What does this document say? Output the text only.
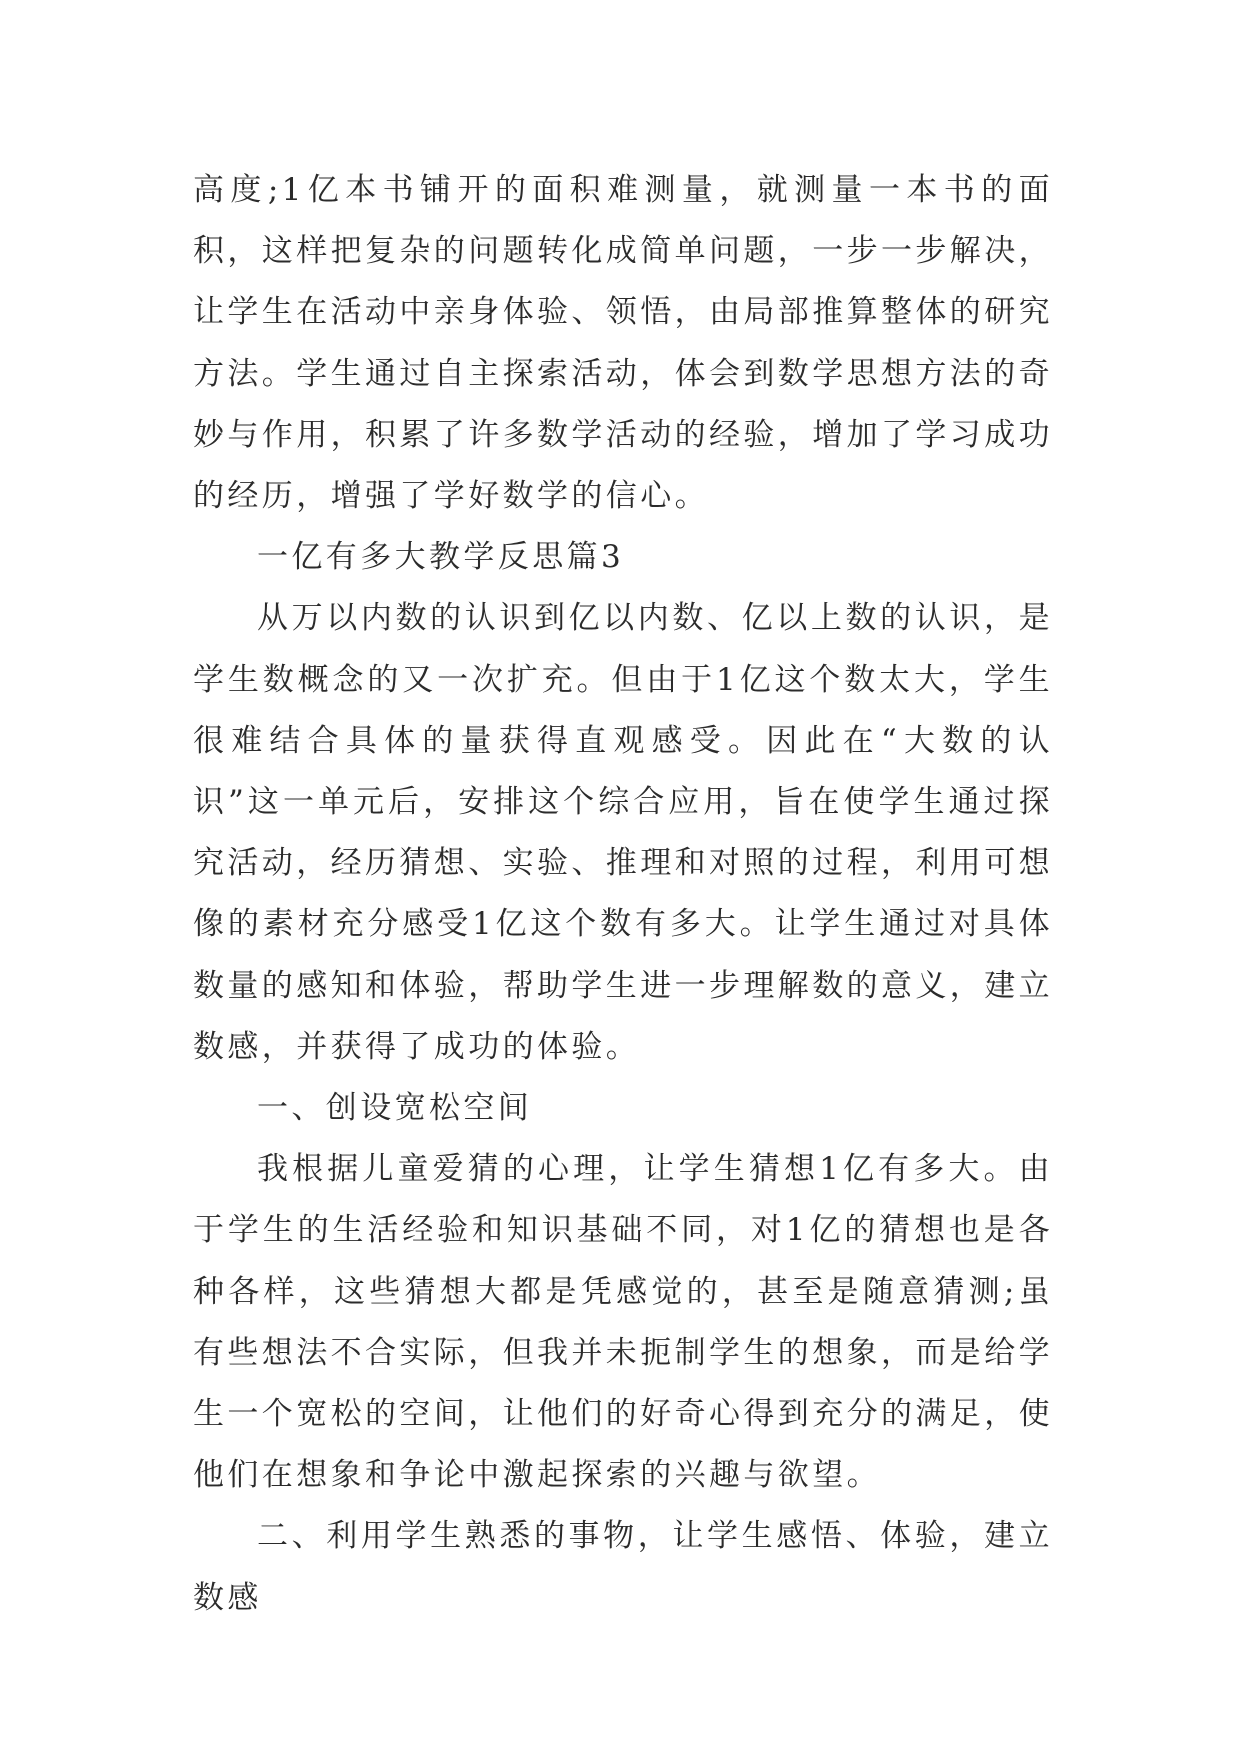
高度;1亿本书铺开的面积难测量，就测量一本书的面积，这样把复杂的问题转化成简单问题，一步一步解决，让学生在活动中亲身体验、领悟，由局部推算整体的研究方法。学生通过自主探索活动，体会到数学思想方法的奇妙与作用，积累了许多数学活动的经验，增加了学习成功的经历，增强了学好数学的信心。

一亿有多大教学反思篇3

从万以内数的认识到亿以内数、亿以上数的认识，是学生数概念的又一次扩充。但由于1亿这个数太大，学生很难结合具体的量获得直观感受。因此在“大数的认识”这一单元后，安排这个综合应用，旨在使学生通过探究活动，经历猜想、实验、推理和对照的过程，利用可想像的素材充分感受1亿这个数有多大。让学生通过对具体数量的感知和体验，帮助学生进一步理解数的意义，建立数感，并获得了成功的体验。

一、创设宽松空间

我根据儿童爱猜的心理，让学生猜想1亿有多大。由于学生的生活经验和知识基础不同，对1亿的猜想也是各种各样，这些猜想大都是凭感觉的，甚至是随意猜测;虽有些想法不合实际，但我并未扼制学生的想象，而是给学生一个宽松的空间，让他们的好奇心得到充分的满足，使他们在想象和争论中激起探索的兴趣与欲望。

二、利用学生熟悉的事物，让学生感悟、体验，建立数感
